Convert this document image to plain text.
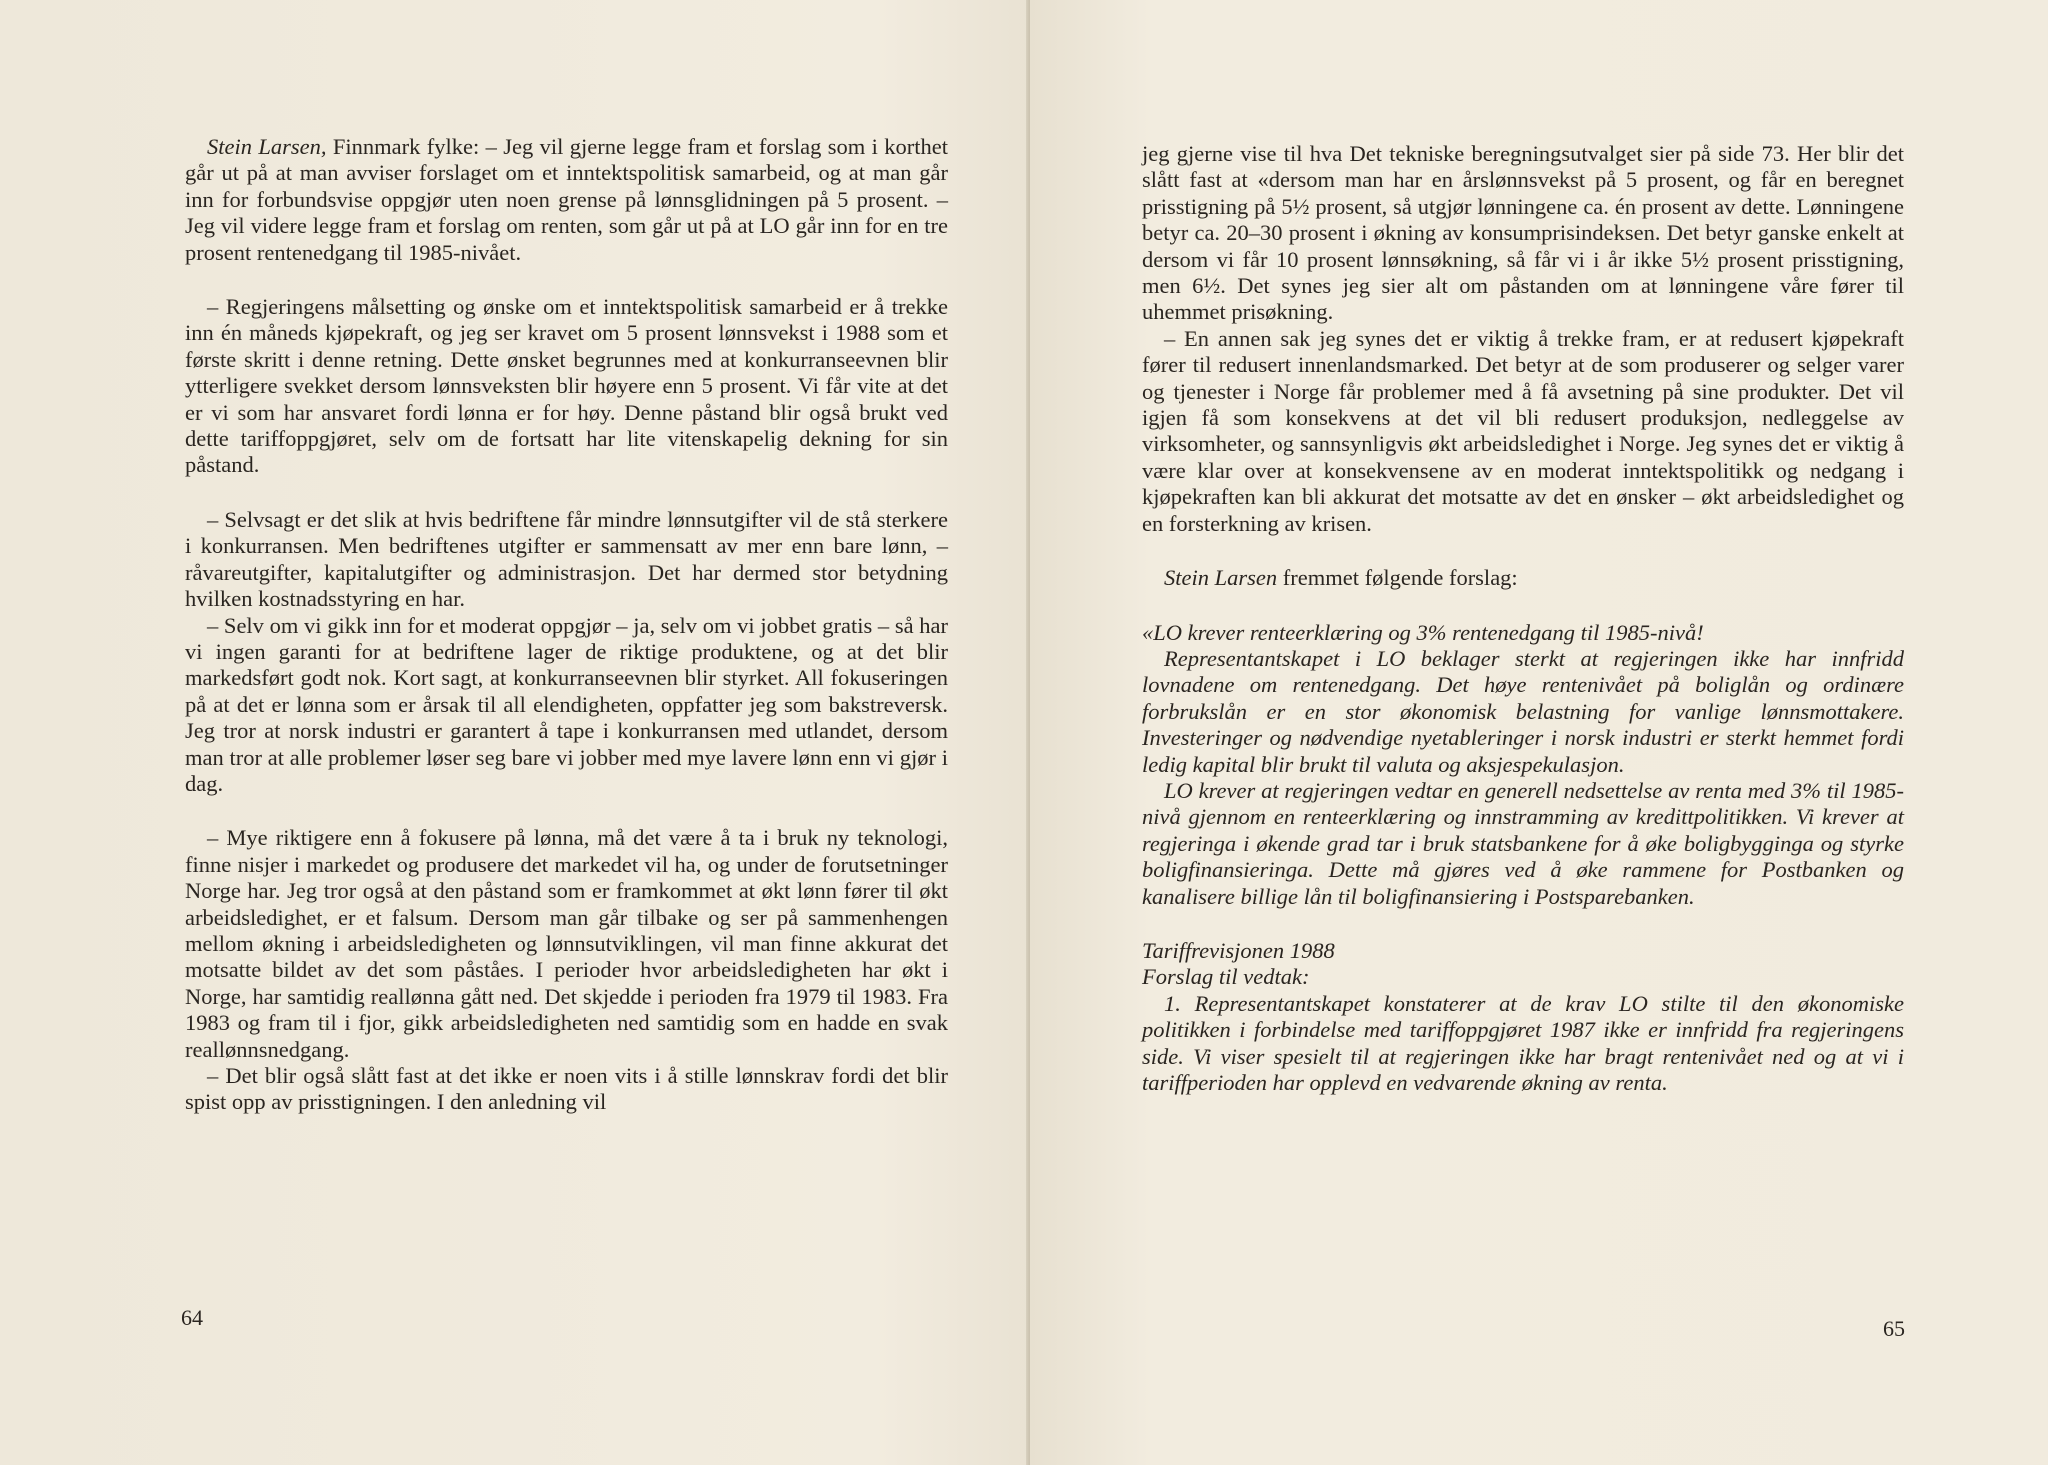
Stein Larsen, Finnmark fylke: – Jeg vil gjerne legge fram et forslag som i korthet går ut på at man avviser forslaget om et inntektspolitisk samarbeid, og at man går inn for forbundsvise oppgjør uten noen grense på lønnsglidningen på 5 prosent. – Jeg vil videre legge fram et forslag om renten, som går ut på at LO går inn for en tre prosent rentenedgang til 1985-nivået.

– Regjeringens målsetting og ønske om et inntektspolitisk samarbeid er å trekke inn én måneds kjøpekraft, og jeg ser kravet om 5 prosent lønnsvekst i 1988 som et første skritt i denne retning. Dette ønsket begrunnes med at konkurranseevnen blir ytterligere svekket dersom lønnsveksten blir høyere enn 5 prosent. Vi får vite at det er vi som har ansvaret fordi lønna er for høy. Denne påstand blir også brukt ved dette tariffoppgjøret, selv om de fortsatt har lite vitenskapelig dekning for sin påstand.

– Selvsagt er det slik at hvis bedriftene får mindre lønnsutgifter vil de stå sterkere i konkurransen. Men bedriftenes utgifter er sammensatt av mer enn bare lønn, – råvareutgifter, kapitalutgifter og administrasjon. Det har dermed stor betydning hvilken kostnadsstyring en har.

– Selv om vi gikk inn for et moderat oppgjør – ja, selv om vi jobbet gratis – så har vi ingen garanti for at bedriftene lager de riktige produktene, og at det blir markedsført godt nok. Kort sagt, at konkurranseevnen blir styrket. All fokuseringen på at det er lønna som er årsak til all elendigheten, oppfatter jeg som bakstreversk. Jeg tror at norsk industri er garantert å tape i konkurransen med utlandet, dersom man tror at alle problemer løser seg bare vi jobber med mye lavere lønn enn vi gjør i dag.

– Mye riktigere enn å fokusere på lønna, må det være å ta i bruk ny teknologi, finne nisjer i markedet og produsere det markedet vil ha, og under de forutsetninger Norge har. Jeg tror også at den påstand som er framkommet at økt lønn fører til økt arbeidsledighet, er et falsum. Dersom man går tilbake og ser på sammenhengen mellom økning i arbeidsledigheten og lønnsutviklingen, vil man finne akkurat det motsatte bildet av det som påståes. I perioder hvor arbeidsledigheten har økt i Norge, har samtidig reallønna gått ned. Det skjedde i perioden fra 1979 til 1983. Fra 1983 og fram til i fjor, gikk arbeidsledigheten ned samtidig som en hadde en svak reallønnsnedgang.

– Det blir også slått fast at det ikke er noen vits i å stille lønnskrav fordi det blir spist opp av prisstigningen. I den anledning vil

64

jeg gjerne vise til hva Det tekniske beregningsutvalget sier på side 73. Her blir det slått fast at «dersom man har en årslønnsvekst på 5 prosent, og får en beregnet prisstigning på 5½ prosent, så utgjør lønningene ca. én prosent av dette. Lønningene betyr ca. 20–30 prosent i økning av konsumprisindeksen. Det betyr ganske enkelt at dersom vi får 10 prosent lønnsøkning, så får vi i år ikke 5½ prosent prisstigning, men 6½. Det synes jeg sier alt om påstanden om at lønningene våre fører til uhemmet prisøkning.

– En annen sak jeg synes det er viktig å trekke fram, er at redusert kjøpekraft fører til redusert innenlandsmarked. Det betyr at de som produserer og selger varer og tjenester i Norge får problemer med å få avsetning på sine produkter. Det vil igjen få som konsekvens at det vil bli redusert produksjon, nedleggelse av virksomheter, og sannsynligvis økt arbeidsledighet i Norge. Jeg synes det er viktig å være klar over at konsekvensene av en moderat inntektspolitikk og nedgang i kjøpekraften kan bli akkurat det motsatte av det en ønsker – økt arbeidsledighet og en forsterkning av krisen.

Stein Larsen fremmet følgende forslag:

«LO krever renteerklæring og 3% rentenedgang til 1985-nivå!

Representantskapet i LO beklager sterkt at regjeringen ikke har innfridd lovnadene om rentenedgang. Det høye rentenivået på boliglån og ordinære forbrukslån er en stor økonomisk belastning for vanlige lønnsmottakere. Investeringer og nødvendige nyetableringer i norsk industri er sterkt hemmet fordi ledig kapital blir brukt til valuta og aksjespekulasjon.

LO krever at regjeringen vedtar en generell nedsettelse av renta med 3% til 1985-nivå gjennom en renteerklæring og innstramming av kredittpolitikken. Vi krever at regjeringa i økende grad tar i bruk statsbankene for å øke boligbygginga og styrke boligfinansieringa. Dette må gjøres ved å øke rammene for Postbanken og kanalisere billige lån til boligfinansiering i Postsparebanken.

Tariffrevisjonen 1988

Forslag til vedtak:

1. Representantskapet konstaterer at de krav LO stilte til den økonomiske politikken i forbindelse med tariffoppgjøret 1987 ikke er innfridd fra regjeringens side. Vi viser spesielt til at regjeringen ikke har bragt rentenivået ned og at vi i tariffperioden har opplevd en vedvarende økning av renta.

65
